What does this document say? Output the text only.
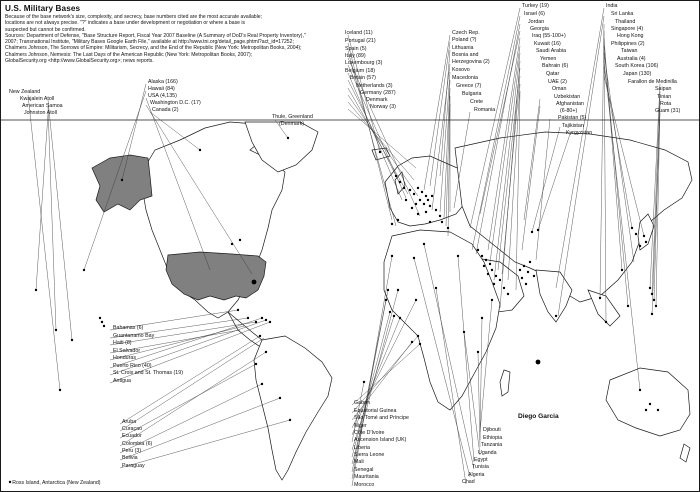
U.S. Military Bases

Because of the base network's size, complexity, and secrecy, base numbers cited are the most accurate available;

locations are not always precise. "?" indicates a base under development or negotiation or where a base is

suspected but cannot be confirmed.

Sources: Department of Defense, "Base Structure Report, Fiscal Year 2007 Baseline (A Summary of DoD's Real Property Inventory),"

2007; Transnational Institute, "Military Bases Google Earth File," available at http://www.tni.org/detail_page.phtml?act_id=17252;

Chalmers Johnson, The Sorrows of Empire: Militarism, Secrecy, and the End of the Republic (New York: Metropolitan Books, 2004);

Chalmers Johnson, Nemesis: The Last Days of the American Republic (New York: Metropolitan Books, 2007);

GlobalSecurity.org <http://www.GlobalSecurity.org>; news reports.

New Zealand
Kwajalein Atoll
American Samoa
Johnston Atoll
Alaska (166)
Hawaii (84)
USA (4,135)
Washington D.C. (17)
Canada (2)
Thule, Greenland
(Denmark)
Iceland (11)
Portugal (21)
Spain (5)
Italy (89)
Luxembourg (3)
Belgium (18)
Britain (57)
Netherlands (3)
Germany (287)
Denmark
Norway (3)
Czech Rep.
Poland (?)
Lithuania
Bosnia and
Herzegovina (2)
Kosovo
Macedonia
Greece (7)
Bulgaria
Crete
Romania
Turkey (19)
Israel (6)
Jordan
Georgia
Iraq (55-100+)
Kuwait (16)
Saudi Arabia
Yemen
Bahrain (6)
Qatar
UAE (2)
Oman
Uzbekistan
Afghanistan
(6-80+)
Pakistan (5)
Tajikistan
Kyrgyzstan
India
Sri Lanka
Thailand
Singapore (4)
Hong Kong
Philippines (2)
Taiwan
Australia (4)
South Korea (106)
Japan (130)
Farallon de Medinilla
Saipan
Tinian
Rota
Guam (31)
Bahamas (6)
Guantanamo Bay
Haiti (8)
El Salvador
Honduras
Puerto Rico (40)
St. Croix and St. Thomas (19)
Antigua
Aruba
Curaçao
Ecuador
Colombia (6)
Peru (3)
Bolivia
Paraguay
Gabon
Equatorial Guinea
São Tomé and Príncipe
Niger
Côte D'Ivoire
Ascension Island (UK)
Liberia
Sierra Leone
Mali
Senegal
Mauritania
Morocco
Djibouti
Ethiopia
Tanzania
Uganda
Egypt
Tunisia
Algeria
Chad
Diego Garcia
• Ross Island, Antarctica (New Zealand)
